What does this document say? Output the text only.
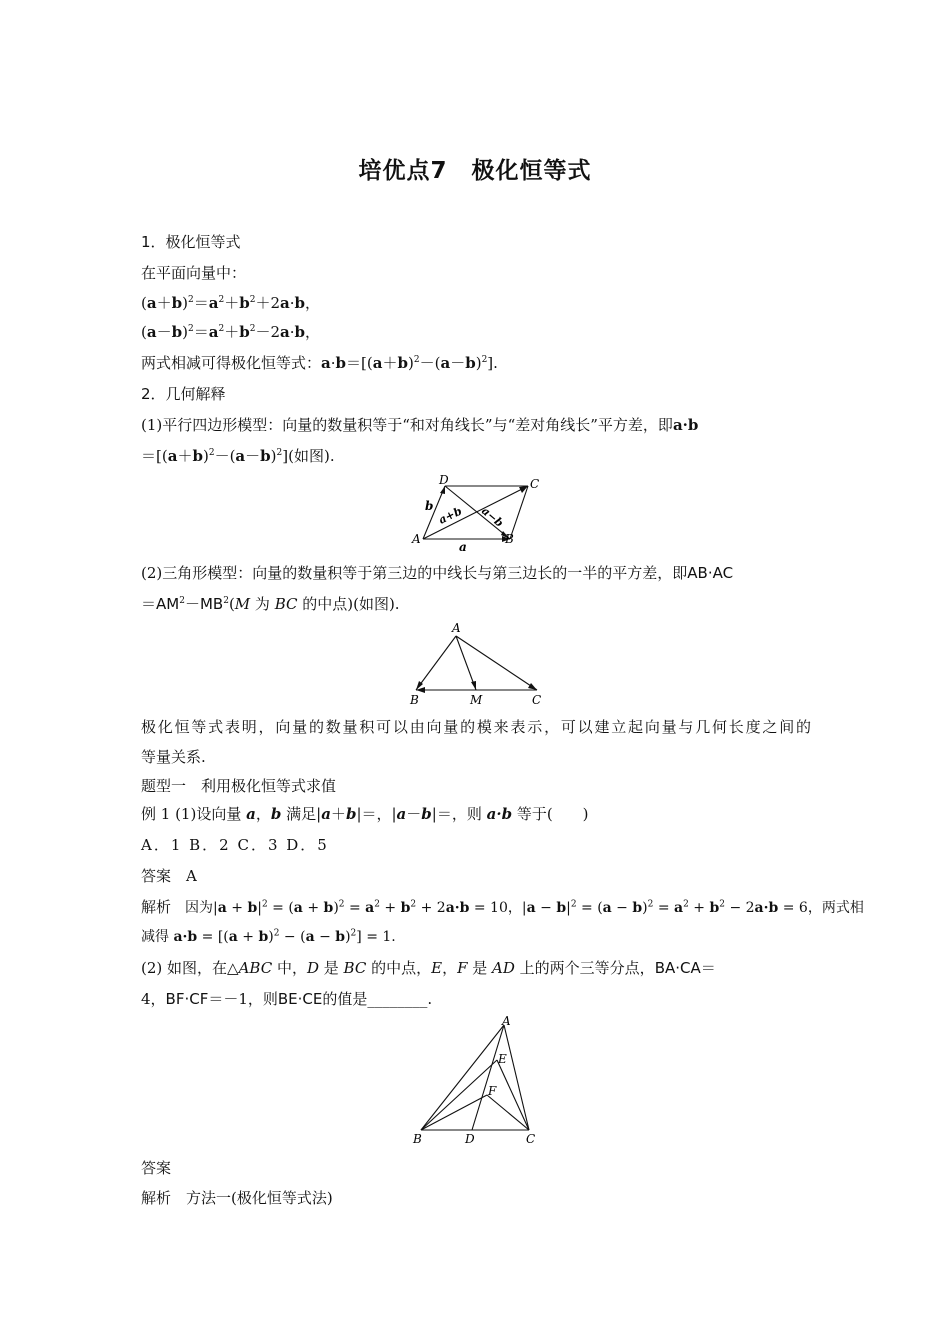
培优点7　极化恒等式
1．极化恒等式
在平面向量中：
$(a+b)^2=a^2+b^2+2a\cdot b$，
$(a-b)^2=a^2+b^2-2a\cdot b$，
两式相减可得极化恒等式：$a\cdot b=[(a+b)^2-(a-b)^2]$.
2．几何解释
(1)平行四边形模型：向量的数量积等于“和对角线长”与“差对角线长”平方差，即a·b
$=[(a+b)^2-(a-b)^2]$(如图).
D	C
A	B
b
a
a+b a−b
(2)三角形模型：向量的数量积等于第三边的中线长与第三边长的一半的平方差，即AB·AC
$=AM^2-MB^2(M$ 为 BC 的中点)(如图).
A
B	M	C
极化恒等式表明，向量的数量积可以由向量的模来表示，可以建立起向量与几何长度之间的
等量关系.
题型一　利用极化恒等式求值
例 1 (1)设向量 a，b 满足|a＋b|＝，|a－b|＝，则 a·b 等于(　　)
A．1 B．2 C．3 D．5
答案　 A
解析　 因为$|a + b|^2 = (a + b)^2 = a^2 + b^2 + 2a\cdot b = 10$，$|a - b|^2 = (a - b)^2 = a^2 + b^2 - 2a\cdot b = 6$，两式相
减得 $a\cdot b = [(a + b)^2 - (a - b)^2] = 1$.
(2) 如图，在△ABC 中，D 是 BC 的中点，E，F 是 AD 上的两个三等分点，BA·CA＝
4，BF·CF＝－1，则BE·CE的值是________.
A
E
F
B	D	C
答案
解析　 方法一(极化恒等式法)
